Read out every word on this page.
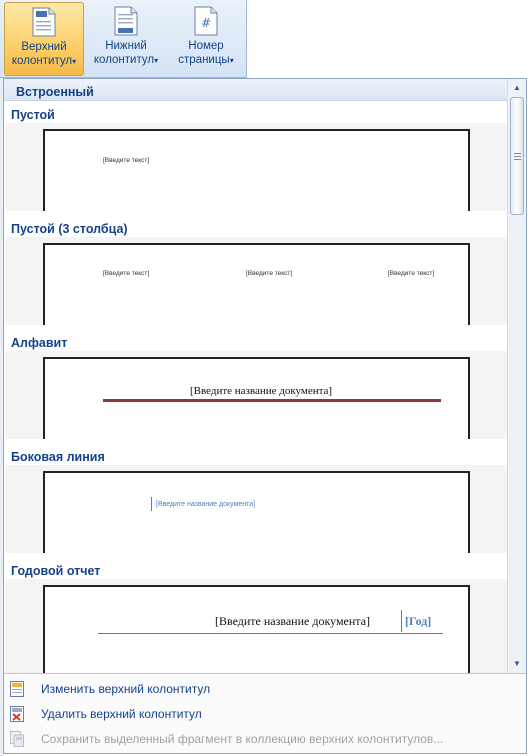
Верхний
колонтитул▾
Нижний
колонтитул▾
#
Номер
страницы▾
Встроенный
Пустой
[Введите текст]
Пустой (3 столбца)
[Введите текст]	[Введите текст]	[Введите текст]
Алфавит
[Введите название документа]
Боковая линия
[Введите название документа]
Годовой отчет
[Введите название документа]	[Год]
▲
▼
Изменить верхний колонтитул
Удалить верхний колонтитул
Сохранить выделенный фрагмент в коллекцию верхних колонтитулов...
